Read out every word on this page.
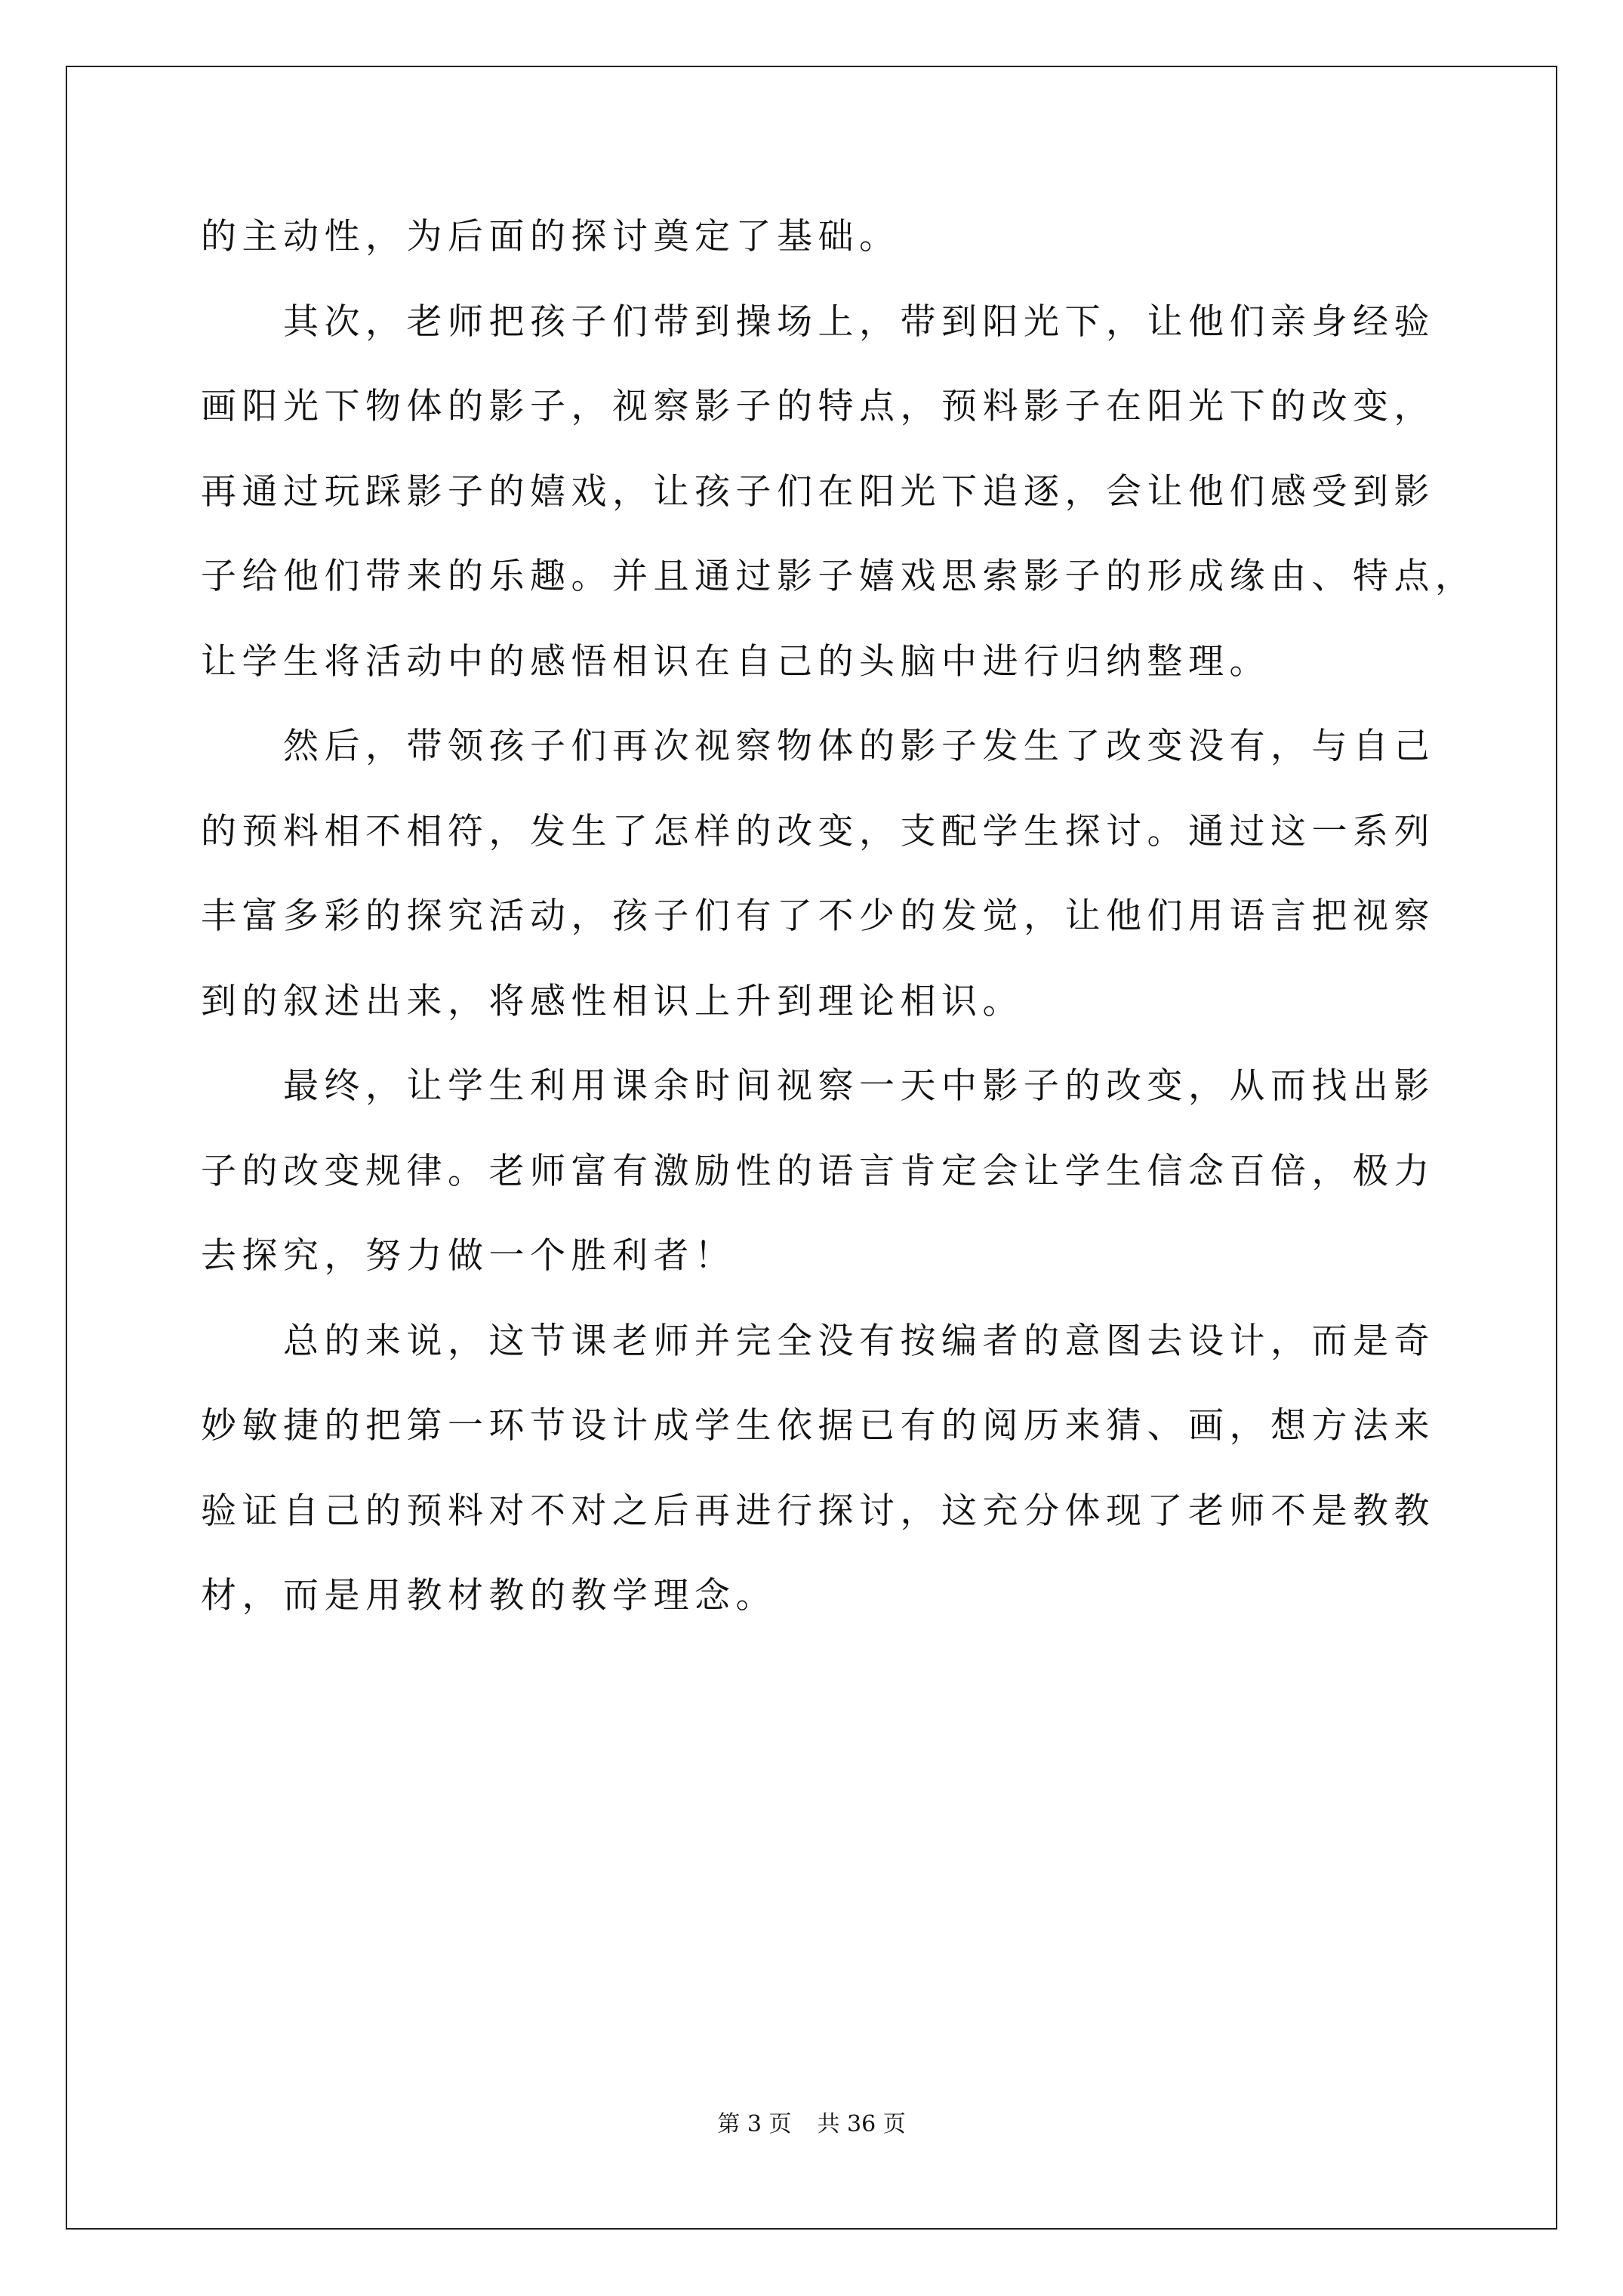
的主动性，为后面的探讨奠定了基础。
其次，老师把孩子们带到操场上，带到阳光下，让他们亲身经验
画阳光下物体的影子，视察影子的特点，预料影子在阳光下的改变，
再通过玩踩影子的嬉戏，让孩子们在阳光下追逐，会让他们感受到影
子给他们带来的乐趣。并且通过影子嬉戏思索影子的形成缘由、特点，
让学生将活动中的感悟相识在自己的头脑中进行归纳整理。
然后，带领孩子们再次视察物体的影子发生了改变没有，与自己
的预料相不相符，发生了怎样的改变，支配学生探讨。通过这一系列
丰富多彩的探究活动，孩子们有了不少的发觉，让他们用语言把视察
到的叙述出来，将感性相识上升到理论相识。
最终，让学生利用课余时间视察一天中影子的改变，从而找出影
子的改变规律。老师富有激励性的语言肯定会让学生信念百倍，极力
去探究，努力做一个胜利者！
总的来说，这节课老师并完全没有按编者的意图去设计，而是奇
妙敏捷的把第一环节设计成学生依据已有的阅历来猜、画，想方法来
验证自己的预料对不对之后再进行探讨，这充分体现了老师不是教教
材，而是用教材教的教学理念。
第 3 页 共 36 页
